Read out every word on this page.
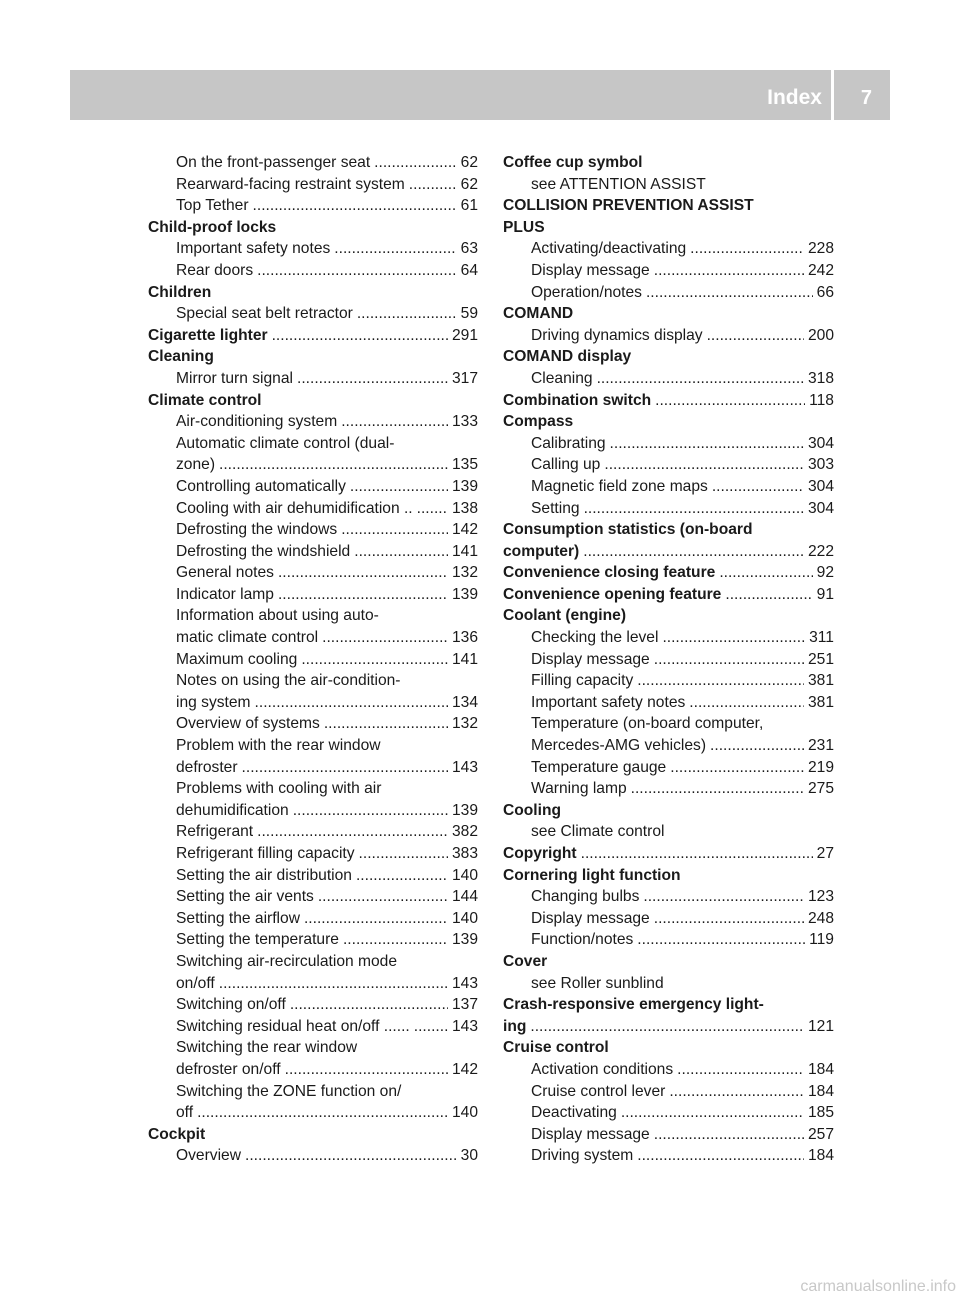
Index 7
On the front-passenger seat .....	62
Rearward-facing restraint system .....	62
Top Tether .....	61
Child-proof locks
Important safety notes .....	63
Rear doors .....	64
Children
Special seat belt retractor .....	59
Cigarette lighter .....	291
Cleaning
Mirror turn signal .....	317
Climate control
Air-conditioning system .....	133
Automatic climate control (dual-
zone) .....	135
Controlling automatically .....	139
Cooling with air dehumidification .. .....	138
Defrosting the windows .....	142
Defrosting the windshield .....	141
General notes .....	132
Indicator lamp .....	139
Information about using auto-
matic climate control .....	136
Maximum cooling .....	141
Notes on using the air-condition-
ing system .....	134
Overview of systems .....	132
Problem with the rear window
defroster .....	143
Problems with cooling with air
dehumidification .....	139
Refrigerant .....	382
Refrigerant filling capacity .....	383
Setting the air distribution .....	140
Setting the air vents .....	144
Setting the airflow .....	140
Setting the temperature .....	139
Switching air-recirculation mode
on/off .....	143
Switching on/off .....	137
Switching residual heat on/off ...... .....	143
Switching the rear window
defroster on/off .....	142
Switching the ZONE function on/
off .....	140
Cockpit
Overview .....	30
Coffee cup symbol
see ATTENTION ASSIST
COLLISION PREVENTION ASSIST
PLUS
Activating/deactivating .....	228
Display message .....	242
Operation/notes .....	66
COMAND
Driving dynamics display .....	200
COMAND display
Cleaning .....	318
Combination switch .....	118
Compass
Calibrating .....	304
Calling up .....	303
Magnetic field zone maps .....	304
Setting .....	304
Consumption statistics (on-board
computer) .....	222
Convenience closing feature .....	92
Convenience opening feature .....	91
Coolant (engine)
Checking the level .....	311
Display message .....	251
Filling capacity .....	381
Important safety notes .....	381
Temperature (on-board computer,
Mercedes-AMG vehicles) .....	231
Temperature gauge .....	219
Warning lamp .....	275
Cooling
see Climate control
Copyright .....	27
Cornering light function
Changing bulbs .....	123
Display message .....	248
Function/notes .....	119
Cover
see Roller sunblind
Crash-responsive emergency light-
ing .....	121
Cruise control
Activation conditions .....	184
Cruise control lever .....	184
Deactivating .....	185
Display message .....	257
Driving system .....	184
carmanualsonline.info
